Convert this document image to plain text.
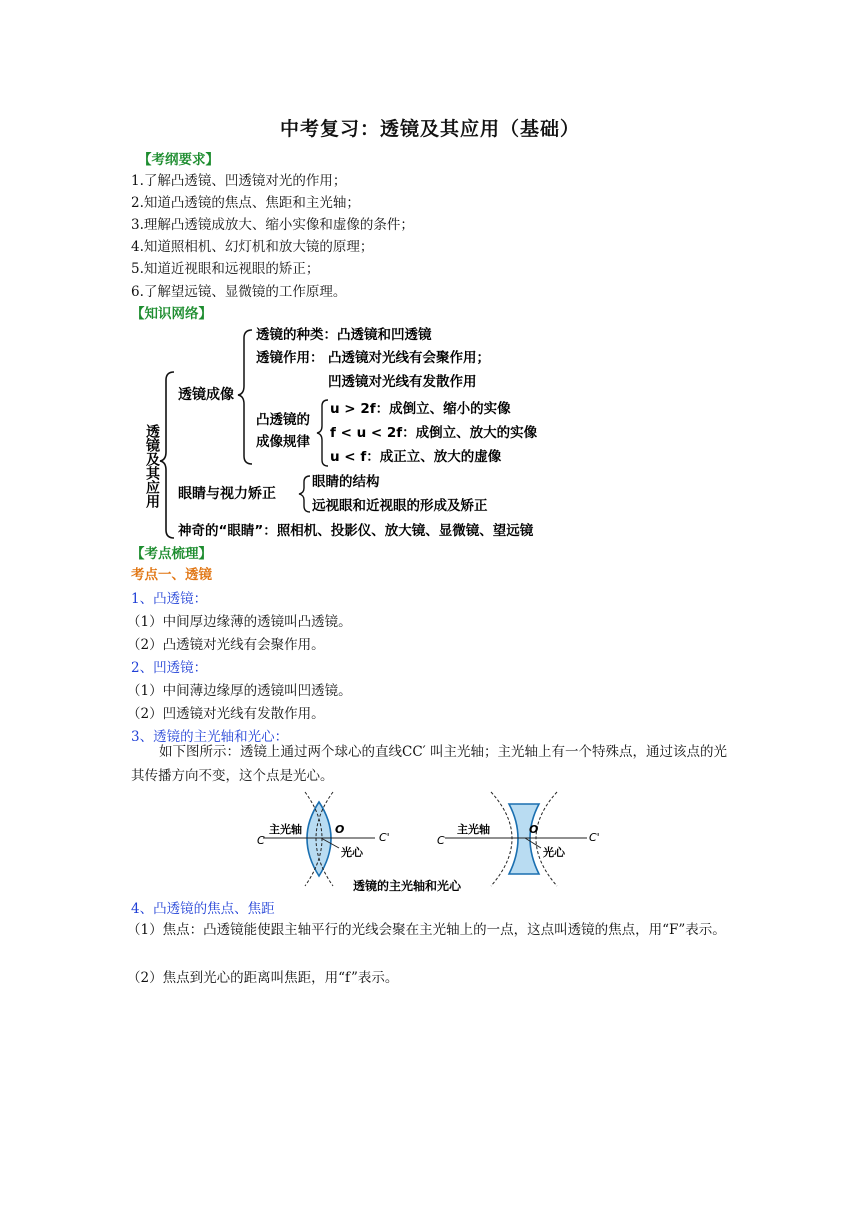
中考复习：透镜及其应用（基础）
【考纲要求】
1.了解凸透镜、凹透镜对光的作用；
2.知道凸透镜的焦点、焦距和主光轴；
3.理解凸透镜成放大、缩小实像和虚像的条件；
4.知道照相机、幻灯机和放大镜的原理；
5.知道近视眼和远视眼的矫正；
6.了解望远镜、显微镜的工作原理。
【知识网络】
透镜及其应用
透镜成像
透镜的种类：凸透镜和凹透镜
透镜作用： 凸透镜对光线有会聚作用；
凹透镜对光线有发散作用
凸透镜的
成像规律
u > 2f：成倒立、缩小的实像
f < u < 2f：成倒立、放大的实像
u < f：成正立、放大的虚像
眼睛与视力矫正
眼睛的结构
远视眼和近视眼的形成及矫正
神奇的“眼睛”：照相机、投影仪、放大镜、显微镜、望远镜
【考点梳理】
考点一、透镜
1、凸透镜：
（1）中间厚边缘薄的透镜叫凸透镜。
（2）凸透镜对光线有会聚作用。
2、凹透镜：
（1）中间薄边缘厚的透镜叫凹透镜。
（2）凹透镜对光线有发散作用。
3、透镜的主光轴和光心：
如下图所示：透镜上通过两个球心的直线CC′ 叫主光轴；主光轴上有一个特殊点，通过该点的光其传播方向不变，这个点是光心。
主光轴	O
光心
C	C'
主光轴	O
光心
C	C'
透镜的主光轴和光心
4、凸透镜的焦点、焦距
（1）焦点：凸透镜能使跟主轴平行的光线会聚在主光轴上的一点，这点叫透镜的焦点，用“F”表示。
（2）焦点到光心的距离叫焦距，用“f”表示。
